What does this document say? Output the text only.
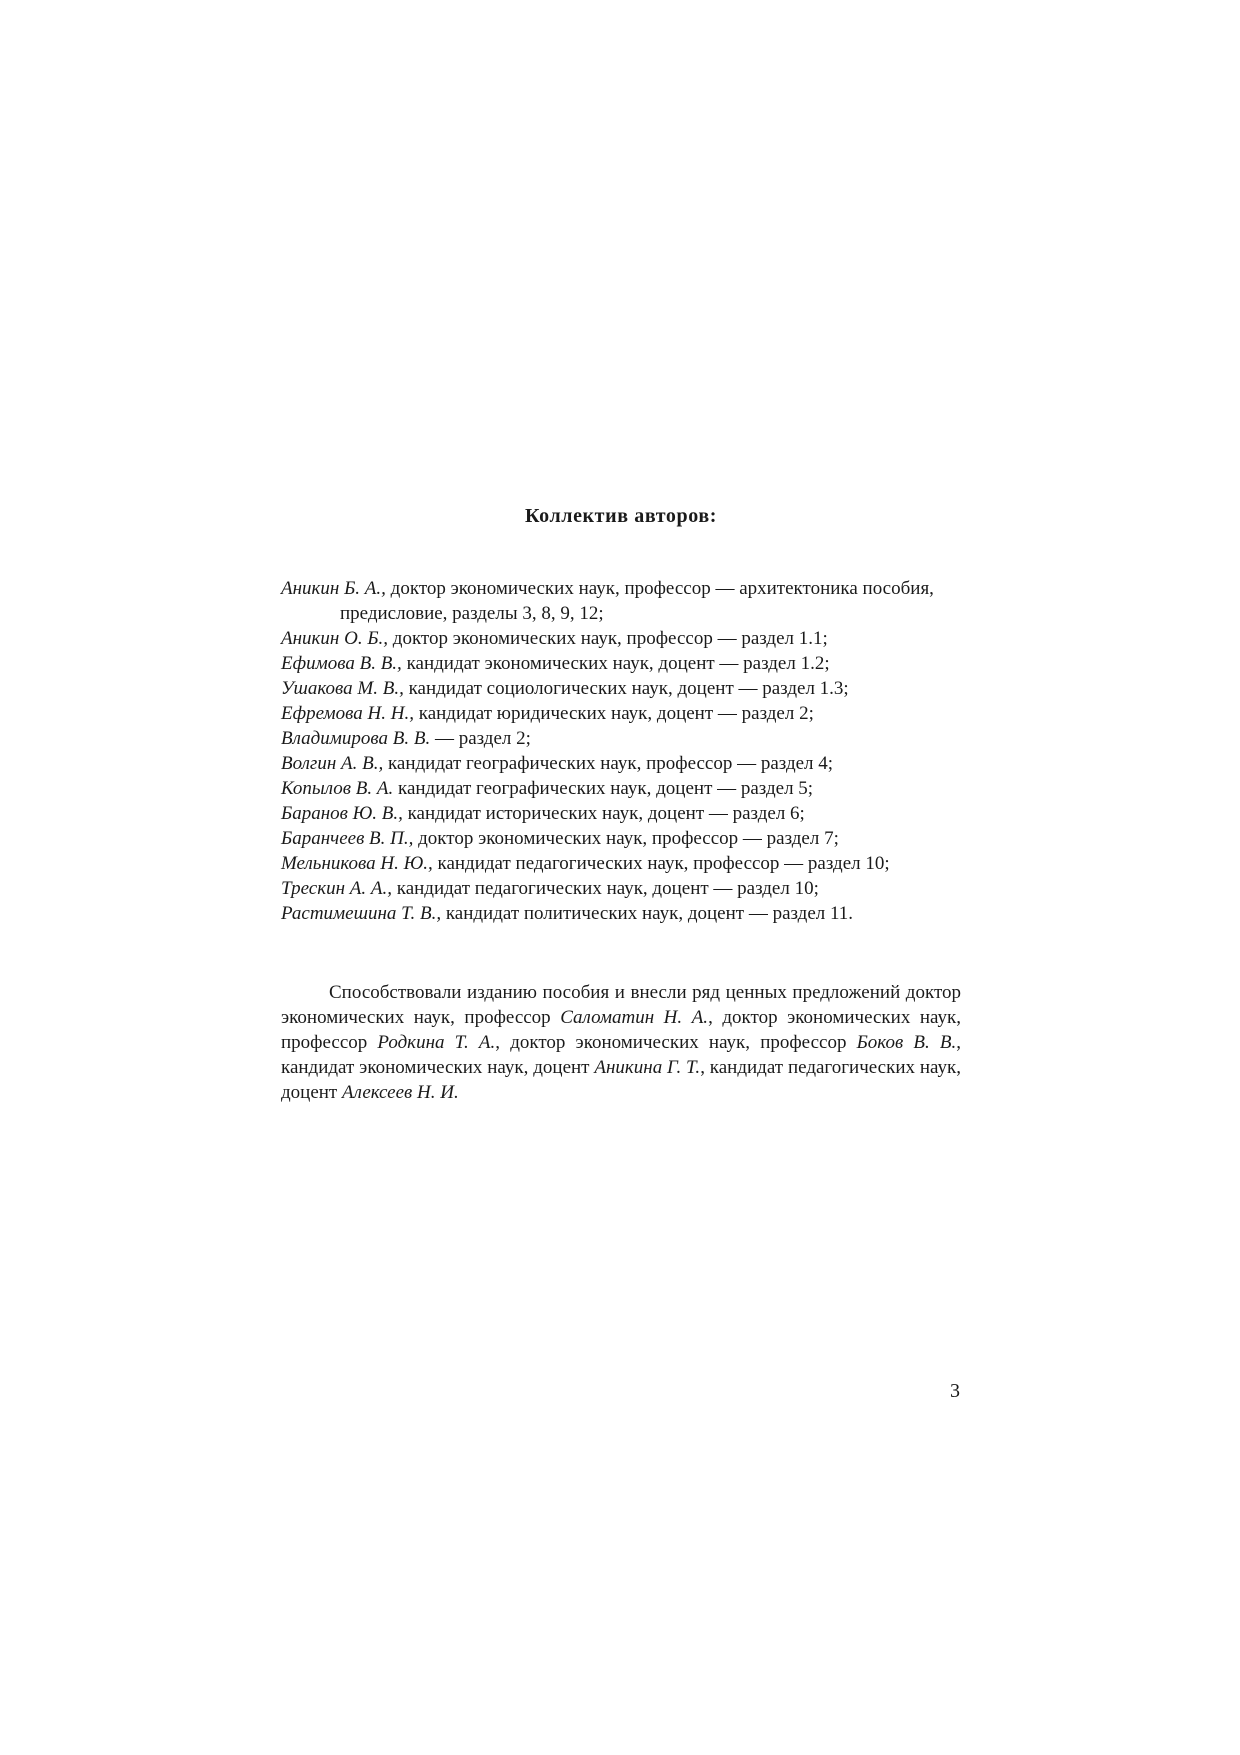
Коллектив авторов:

Аникин Б. А., доктор экономических наук, профессор — архитектоника пособия, предисловие, разделы 3, 8, 9, 12;

Аникин О. Б., доктор экономических наук, профессор — раздел 1.1;

Ефимова В. В., кандидат экономических наук, доцент — раздел 1.2;

Ушакова М. В., кандидат социологических наук, доцент — раздел 1.3;

Ефремова Н. Н., кандидат юридических наук, доцент — раздел 2;

Владимирова В. В. — раздел 2;

Волгин А. В., кандидат географических наук, профессор — раздел 4;

Копылов В. А. кандидат географических наук, доцент — раздел 5;

Баранов Ю. В., кандидат исторических наук, доцент — раздел 6;

Баранчеев В. П., доктор экономических наук, профессор — раздел 7;

Мельникова Н. Ю., кандидат педагогических наук, профессор — раздел 10;

Трескин А. А., кандидат педагогических наук, доцент — раздел 10;

Растимешина Т. В., кандидат политических наук, доцент — раздел 11.

Способствовали изданию пособия и внесли ряд ценных предложений доктор экономических наук, профессор Саломатин Н. А., доктор экономических наук, профессор Родкина Т. А., доктор экономических наук, профессор Боков В. В., кандидат экономических наук, доцент Аникина Г. Т., кандидат педагогических наук, доцент Алексеев Н. И.

3
